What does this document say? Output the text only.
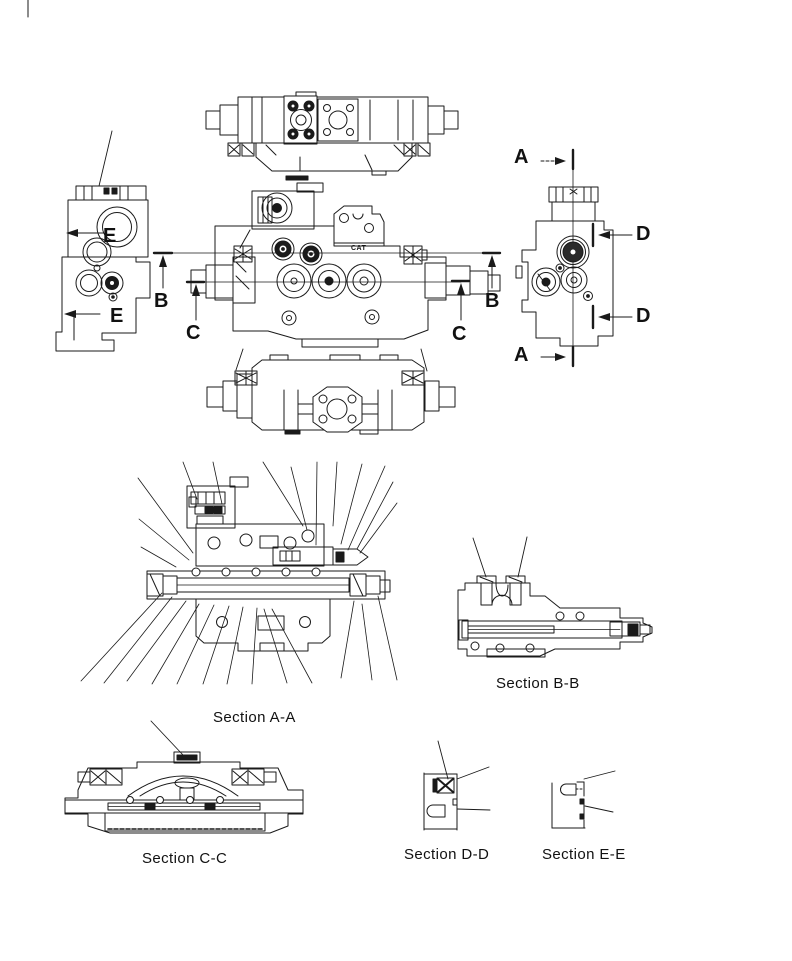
A
A
B	B
C	C
D
D
E
E
CAT
Section A-A
Section B-B
Section C-C	Section D-D	Section E-E
